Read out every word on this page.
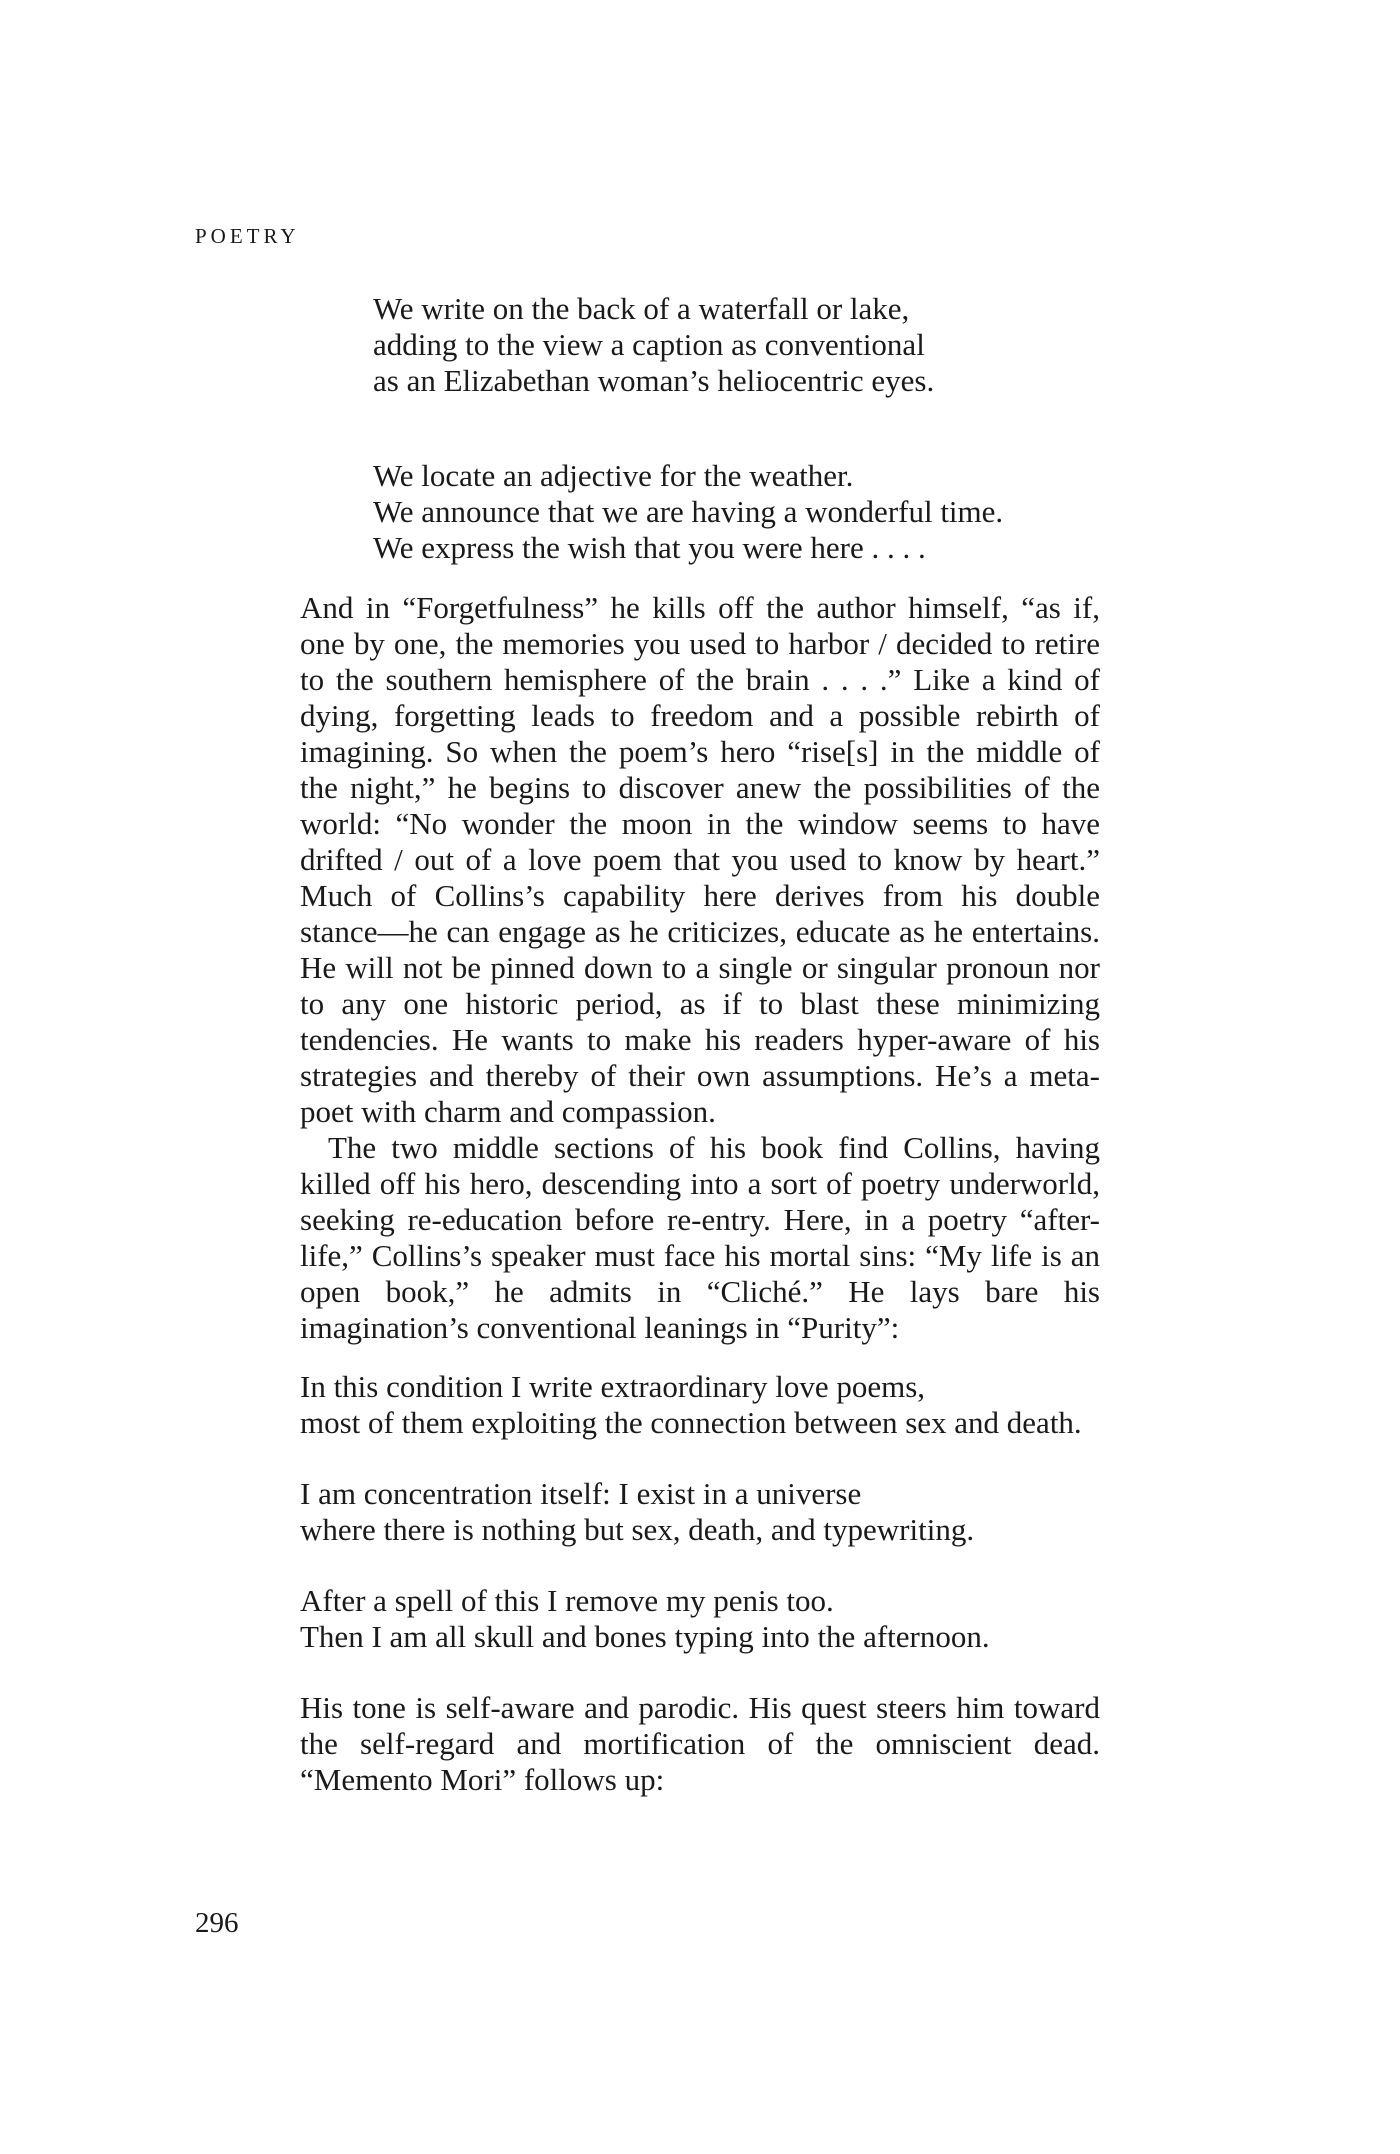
POETRY

We write on the back of a waterfall or lake,
adding to the view a caption as conventional
as an Elizabethan woman’s heliocentric eyes.
We locate an adjective for the weather.
We announce that we are having a wonderful time.
We express the wish that you were here . . . .

And in “Forgetfulness” he kills off the author himself, “as if, one by one, the memories you used to harbor / decided to retire to the southern hemisphere of the brain . . . .” Like a kind of dying, forgetting leads to freedom and a possible rebirth of imagining. So when the poem’s hero “rise[s] in the middle of the night,” he begins to discover anew the possibilities of the world: “No wonder the moon in the window seems to have drifted / out of a love poem that you used to know by heart.” Much of Collins’s capability here derives from his double stance—he can engage as he criticizes, educate as he entertains. He will not be pinned down to a single or singular pronoun nor to any one historic period, as if to blast these minimizing tendencies. He wants to make his readers hyper-aware of his strategies and thereby of their own assumptions. He’s a meta-poet with charm and compassion.

The two middle sections of his book find Collins, having killed off his hero, descending into a sort of poetry underworld, seeking re-education before re-entry. Here, in a poetry “after-life,” Collins’s speaker must face his mortal sins: “My life is an open book,” he admits in “Cliché.” He lays bare his imagination’s conventional leanings in “Purity”:

In this condition I write extraordinary love poems,
most of them exploiting the connection between sex and death.
I am concentration itself: I exist in a universe
where there is nothing but sex, death, and typewriting.
After a spell of this I remove my penis too.
Then I am all skull and bones typing into the afternoon.

His tone is self-aware and parodic. His quest steers him toward the self-regard and mortification of the omniscient dead. “Memento Mori” follows up:

296
